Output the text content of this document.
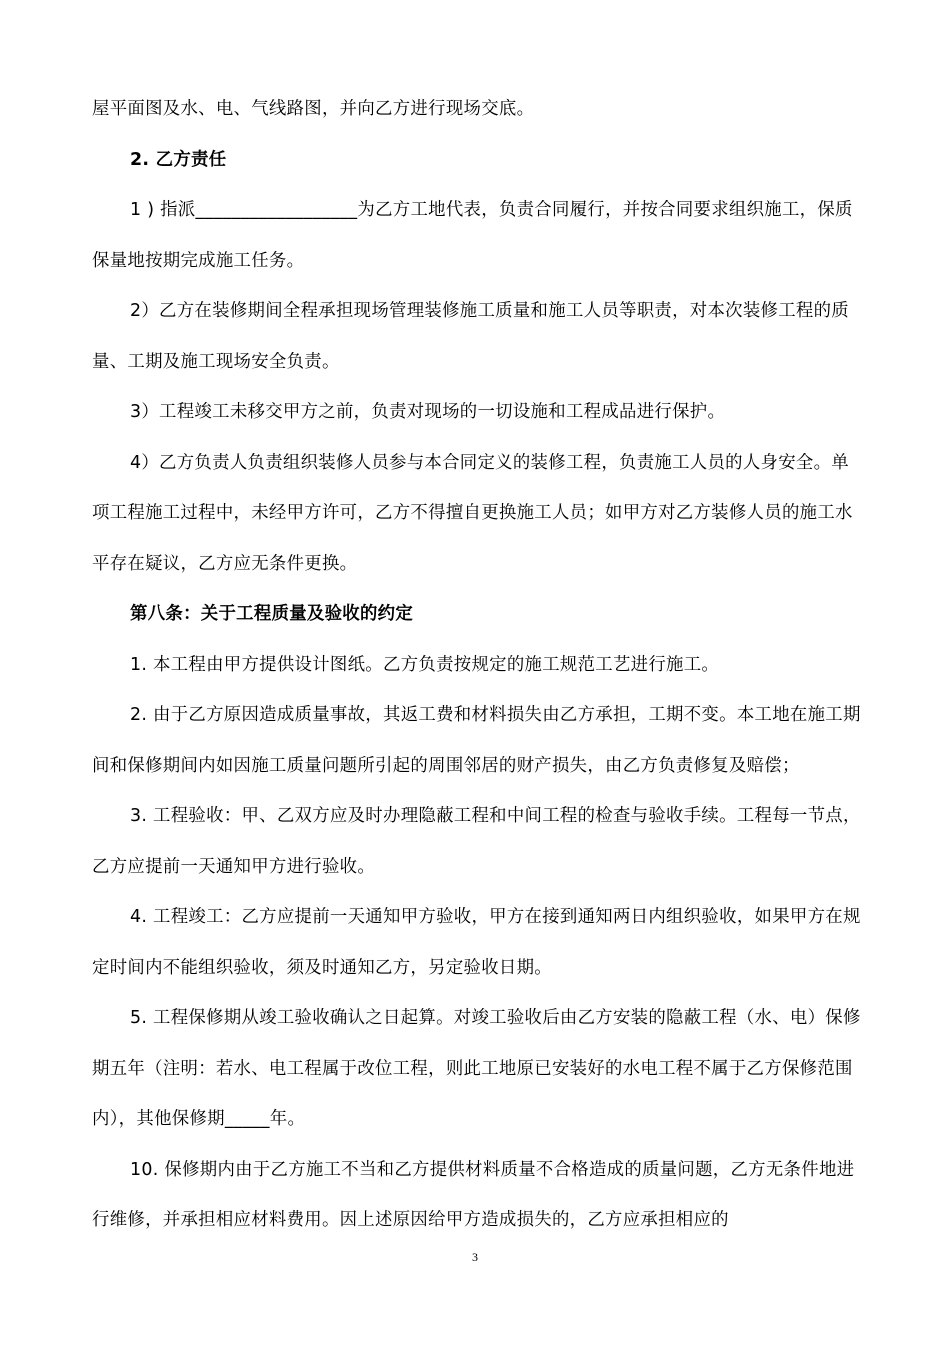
屋平面图及水、电、气线路图，并向乙方进行现场交底。

2. 乙方责任

1 ) 指派__________________为乙方工地代表，负责合同履行，并按合同要求组织施工，保质保量地按期完成施工任务。

2）乙方在装修期间全程承担现场管理装修施工质量和施工人员等职责，对本次装修工程的质量、工期及施工现场安全负责。

3）工程竣工未移交甲方之前，负责对现场的一切设施和工程成品进行保护。

4）乙方负责人负责组织装修人员参与本合同定义的装修工程，负责施工人员的人身安全。单项工程施工过程中，未经甲方许可，乙方不得擅自更换施工人员；如甲方对乙方装修人员的施工水平存在疑议，乙方应无条件更换。

第八条：关于工程质量及验收的约定

1. 本工程由甲方提供设计图纸。乙方负责按规定的施工规范工艺进行施工。

2. 由于乙方原因造成质量事故，其返工费和材料损失由乙方承担，工期不变。本工地在施工期间和保修期间内如因施工质量问题所引起的周围邻居的财产损失，由乙方负责修复及赔偿；

3. 工程验收：甲、乙双方应及时办理隐蔽工程和中间工程的检查与验收手续。工程每一节点，乙方应提前一天通知甲方进行验收。

4. 工程竣工：乙方应提前一天通知甲方验收，甲方在接到通知两日内组织验收，如果甲方在规定时间内不能组织验收，须及时通知乙方，另定验收日期。

5. 工程保修期从竣工验收确认之日起算。对竣工验收后由乙方安装的隐蔽工程（水、电）保修期五年（注明：若水、电工程属于改位工程，则此工地原已安装好的水电工程不属于乙方保修范围内），其他保修期_____年。

10. 保修期内由于乙方施工不当和乙方提供材料质量不合格造成的质量问题，乙方无条件地进行维修，并承担相应材料费用。因上述原因给甲方造成损失的，乙方应承担相应的

3
